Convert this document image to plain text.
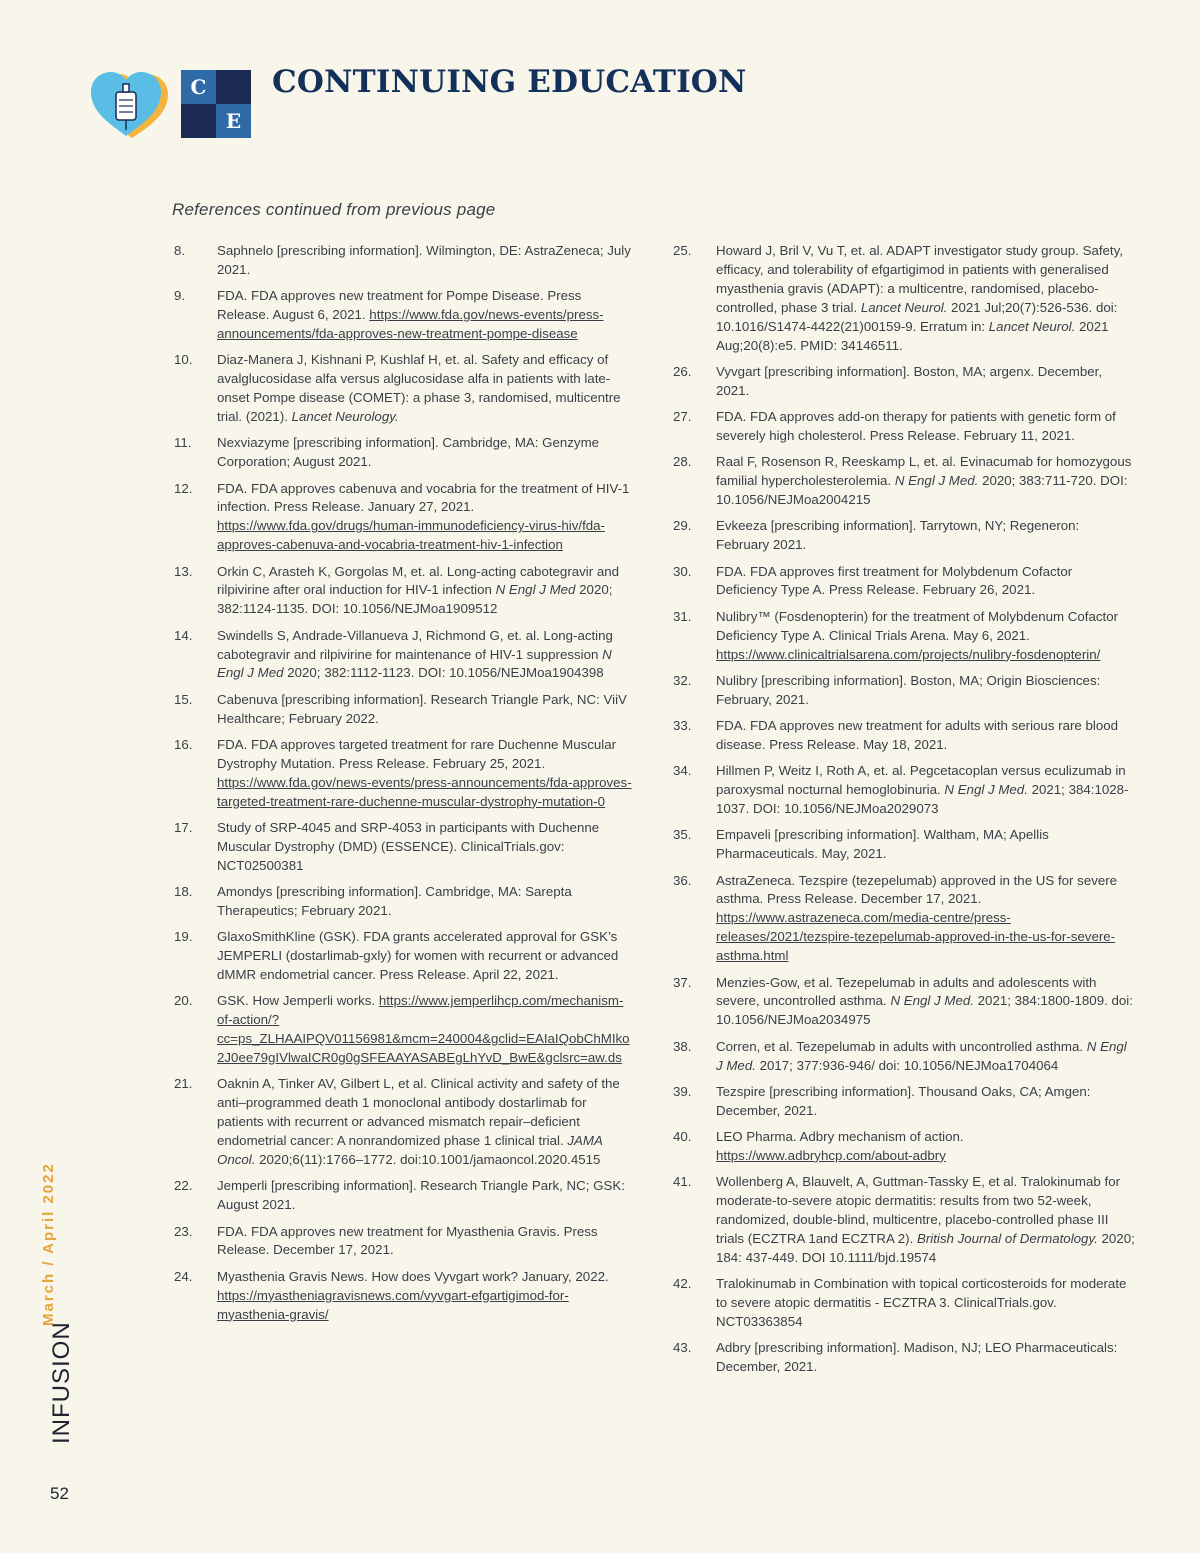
C
E
CONTINUING EDUCATION
References continued from previous page
8. Saphnelo [prescribing information]. Wilmington, DE: AstraZeneca; July 2021.
9. FDA. FDA approves new treatment for Pompe Disease. Press Release. August 6, 2021. https://www.fda.gov/news-events/press-announcements/fda-approves-new-treatment-pompe-disease
10. Diaz-Manera J, Kishnani P, Kushlaf H, et. al. Safety and efficacy of avalglucosidase alfa versus alglucosidase alfa in patients with late-onset Pompe disease (COMET): a phase 3, randomised, multicentre trial. (2021). Lancet Neurology.
11. Nexviazyme [prescribing information]. Cambridge, MA: Genzyme Corporation; August 2021.
12. FDA. FDA approves cabenuva and vocabria for the treatment of HIV-1 infection. Press Release. January 27, 2021. https://www.fda.gov/drugs/human-immunodeficiency-virus-hiv/fda-approves-cabenuva-and-vocabria-treatment-hiv-1-infection
13. Orkin C, Arasteh K, Gorgolas M, et. al. Long-acting cabotegravir and rilpivirine after oral induction for HIV-1 infection N Engl J Med 2020; 382:1124-1135. DOI: 10.1056/NEJMoa1909512
14. Swindells S, Andrade-Villanueva J, Richmond G, et. al. Long-acting cabotegravir and rilpivirine for maintenance of HIV-1 suppression N Engl J Med 2020; 382:1112-1123. DOI: 10.1056/NEJMoa1904398
15. Cabenuva [prescribing information]. Research Triangle Park, NC: ViiV Healthcare; February 2022.
16. FDA. FDA approves targeted treatment for rare Duchenne Muscular Dystrophy Mutation. Press Release. February 25, 2021. https://www.fda.gov/news-events/press-announcements/fda-approves-targeted-treatment-rare-duchenne-muscular-dystrophy-mutation-0
17. Study of SRP-4045 and SRP-4053 in participants with Duchenne Muscular Dystrophy (DMD) (ESSENCE). ClinicalTrials.gov: NCT02500381
18. Amondys [prescribing information]. Cambridge, MA: Sarepta Therapeutics; February 2021.
19. GlaxoSmithKline (GSK). FDA grants accelerated approval for GSK’s JEMPERLI (dostarlimab-gxly) for women with recurrent or advanced dMMR endometrial cancer. Press Release. April 22, 2021.
20. GSK. How Jemperli works. https://www.jemperlihcp.com/mechanism-of-action/?cc=ps_ZLHAAIPQV01156981&mcm=240004&gclid=EAIaIQobChMIko2J0ee79gIVlwaICR0g0gSFEAAYASABEgLhYvD_BwE&gclsrc=aw.ds
21. Oaknin A, Tinker AV, Gilbert L, et al. Clinical activity and safety of the anti–programmed death 1 monoclonal antibody dostarlimab for patients with recurrent or advanced mismatch repair–deficient endometrial cancer: A nonrandomized phase 1 clinical trial. JAMA Oncol. 2020;6(11):1766–1772. doi:10.1001/jamaoncol.2020.4515
22. Jemperli [prescribing information]. Research Triangle Park, NC; GSK: August 2021.
23. FDA. FDA approves new treatment for Myasthenia Gravis. Press Release. December 17, 2021.
24. Myasthenia Gravis News. How does Vyvgart work? January, 2022. https://myastheniagravisnews.com/vyvgart-efgartigimod-for-myasthenia-gravis/
25. Howard J, Bril V, Vu T, et. al. ADAPT investigator study group. Safety, efficacy, and tolerability of efgartigimod in patients with generalised myasthenia gravis (ADAPT): a multicentre, randomised, placebo-controlled, phase 3 trial. Lancet Neurol. 2021 Jul;20(7):526-536. doi: 10.1016/S1474-4422(21)00159-9. Erratum in: Lancet Neurol. 2021 Aug;20(8):e5. PMID: 34146511.
26. Vyvgart [prescribing information]. Boston, MA; argenx. December, 2021.
27. FDA. FDA approves add-on therapy for patients with genetic form of severely high cholesterol. Press Release. February 11, 2021.
28. Raal F, Rosenson R, Reeskamp L, et. al. Evinacumab for homozygous familial hypercholesterolemia. N Engl J Med. 2020; 383:711-720. DOI: 10.1056/NEJMoa2004215
29. Evkeeza [prescribing information]. Tarrytown, NY; Regeneron: February 2021.
30. FDA. FDA approves first treatment for Molybdenum Cofactor Deficiency Type A. Press Release. February 26, 2021.
31. Nulibry™ (Fosdenopterin) for the treatment of Molybdenum Cofactor Deficiency Type A. Clinical Trials Arena. May 6, 2021. https://www.clinicaltrialsarena.com/projects/nulibry-fosdenopterin/
32. Nulibry [prescribing information]. Boston, MA; Origin Biosciences: February, 2021.
33. FDA. FDA approves new treatment for adults with serious rare blood disease. Press Release. May 18, 2021.
34. Hillmen P, Weitz I, Roth A, et. al. Pegcetacoplan versus eculizumab in paroxysmal nocturnal hemoglobinuria. N Engl J Med. 2021; 384:1028-1037. DOI: 10.1056/NEJMoa2029073
35. Empaveli [prescribing information]. Waltham, MA; Apellis Pharmaceuticals. May, 2021.
36. AstraZeneca. Tezspire (tezepelumab) approved in the US for severe asthma. Press Release. December 17, 2021. https://www.astrazeneca.com/media-centre/press-releases/2021/tezspire-tezepelumab-approved-in-the-us-for-severe-asthma.html
37. Menzies-Gow, et al. Tezepelumab in adults and adolescents with severe, uncontrolled asthma. N Engl J Med. 2021; 384:1800-1809. doi: 10.1056/NEJMoa2034975
38. Corren, et al. Tezepelumab in adults with uncontrolled asthma. N Engl J Med. 2017; 377:936-946/ doi: 10.1056/NEJMoa1704064
39. Tezspire [prescribing information]. Thousand Oaks, CA; Amgen: December, 2021.
40. LEO Pharma. Adbry mechanism of action. https://www.adbryhcp.com/about-adbry
41. Wollenberg A, Blauvelt, A, Guttman-Tassky E, et al. Tralokinumab for moderate-to-severe atopic dermatitis: results from two 52-week, randomized, double-blind, multicentre, placebo-controlled phase III trials (ECZTRA 1and ECZTRA 2). British Journal of Dermatology. 2020; 184: 437-449. DOI 10.1111/bjd.19574
42. Tralokinumab in Combination with topical corticosteroids for moderate to severe atopic dermatitis - ECZTRA 3. ClinicalTrials.gov. NCT03363854
43. Adbry [prescribing information]. Madison, NJ; LEO Pharmaceuticals: December, 2021.
March / April 2022
INFUSION
52
